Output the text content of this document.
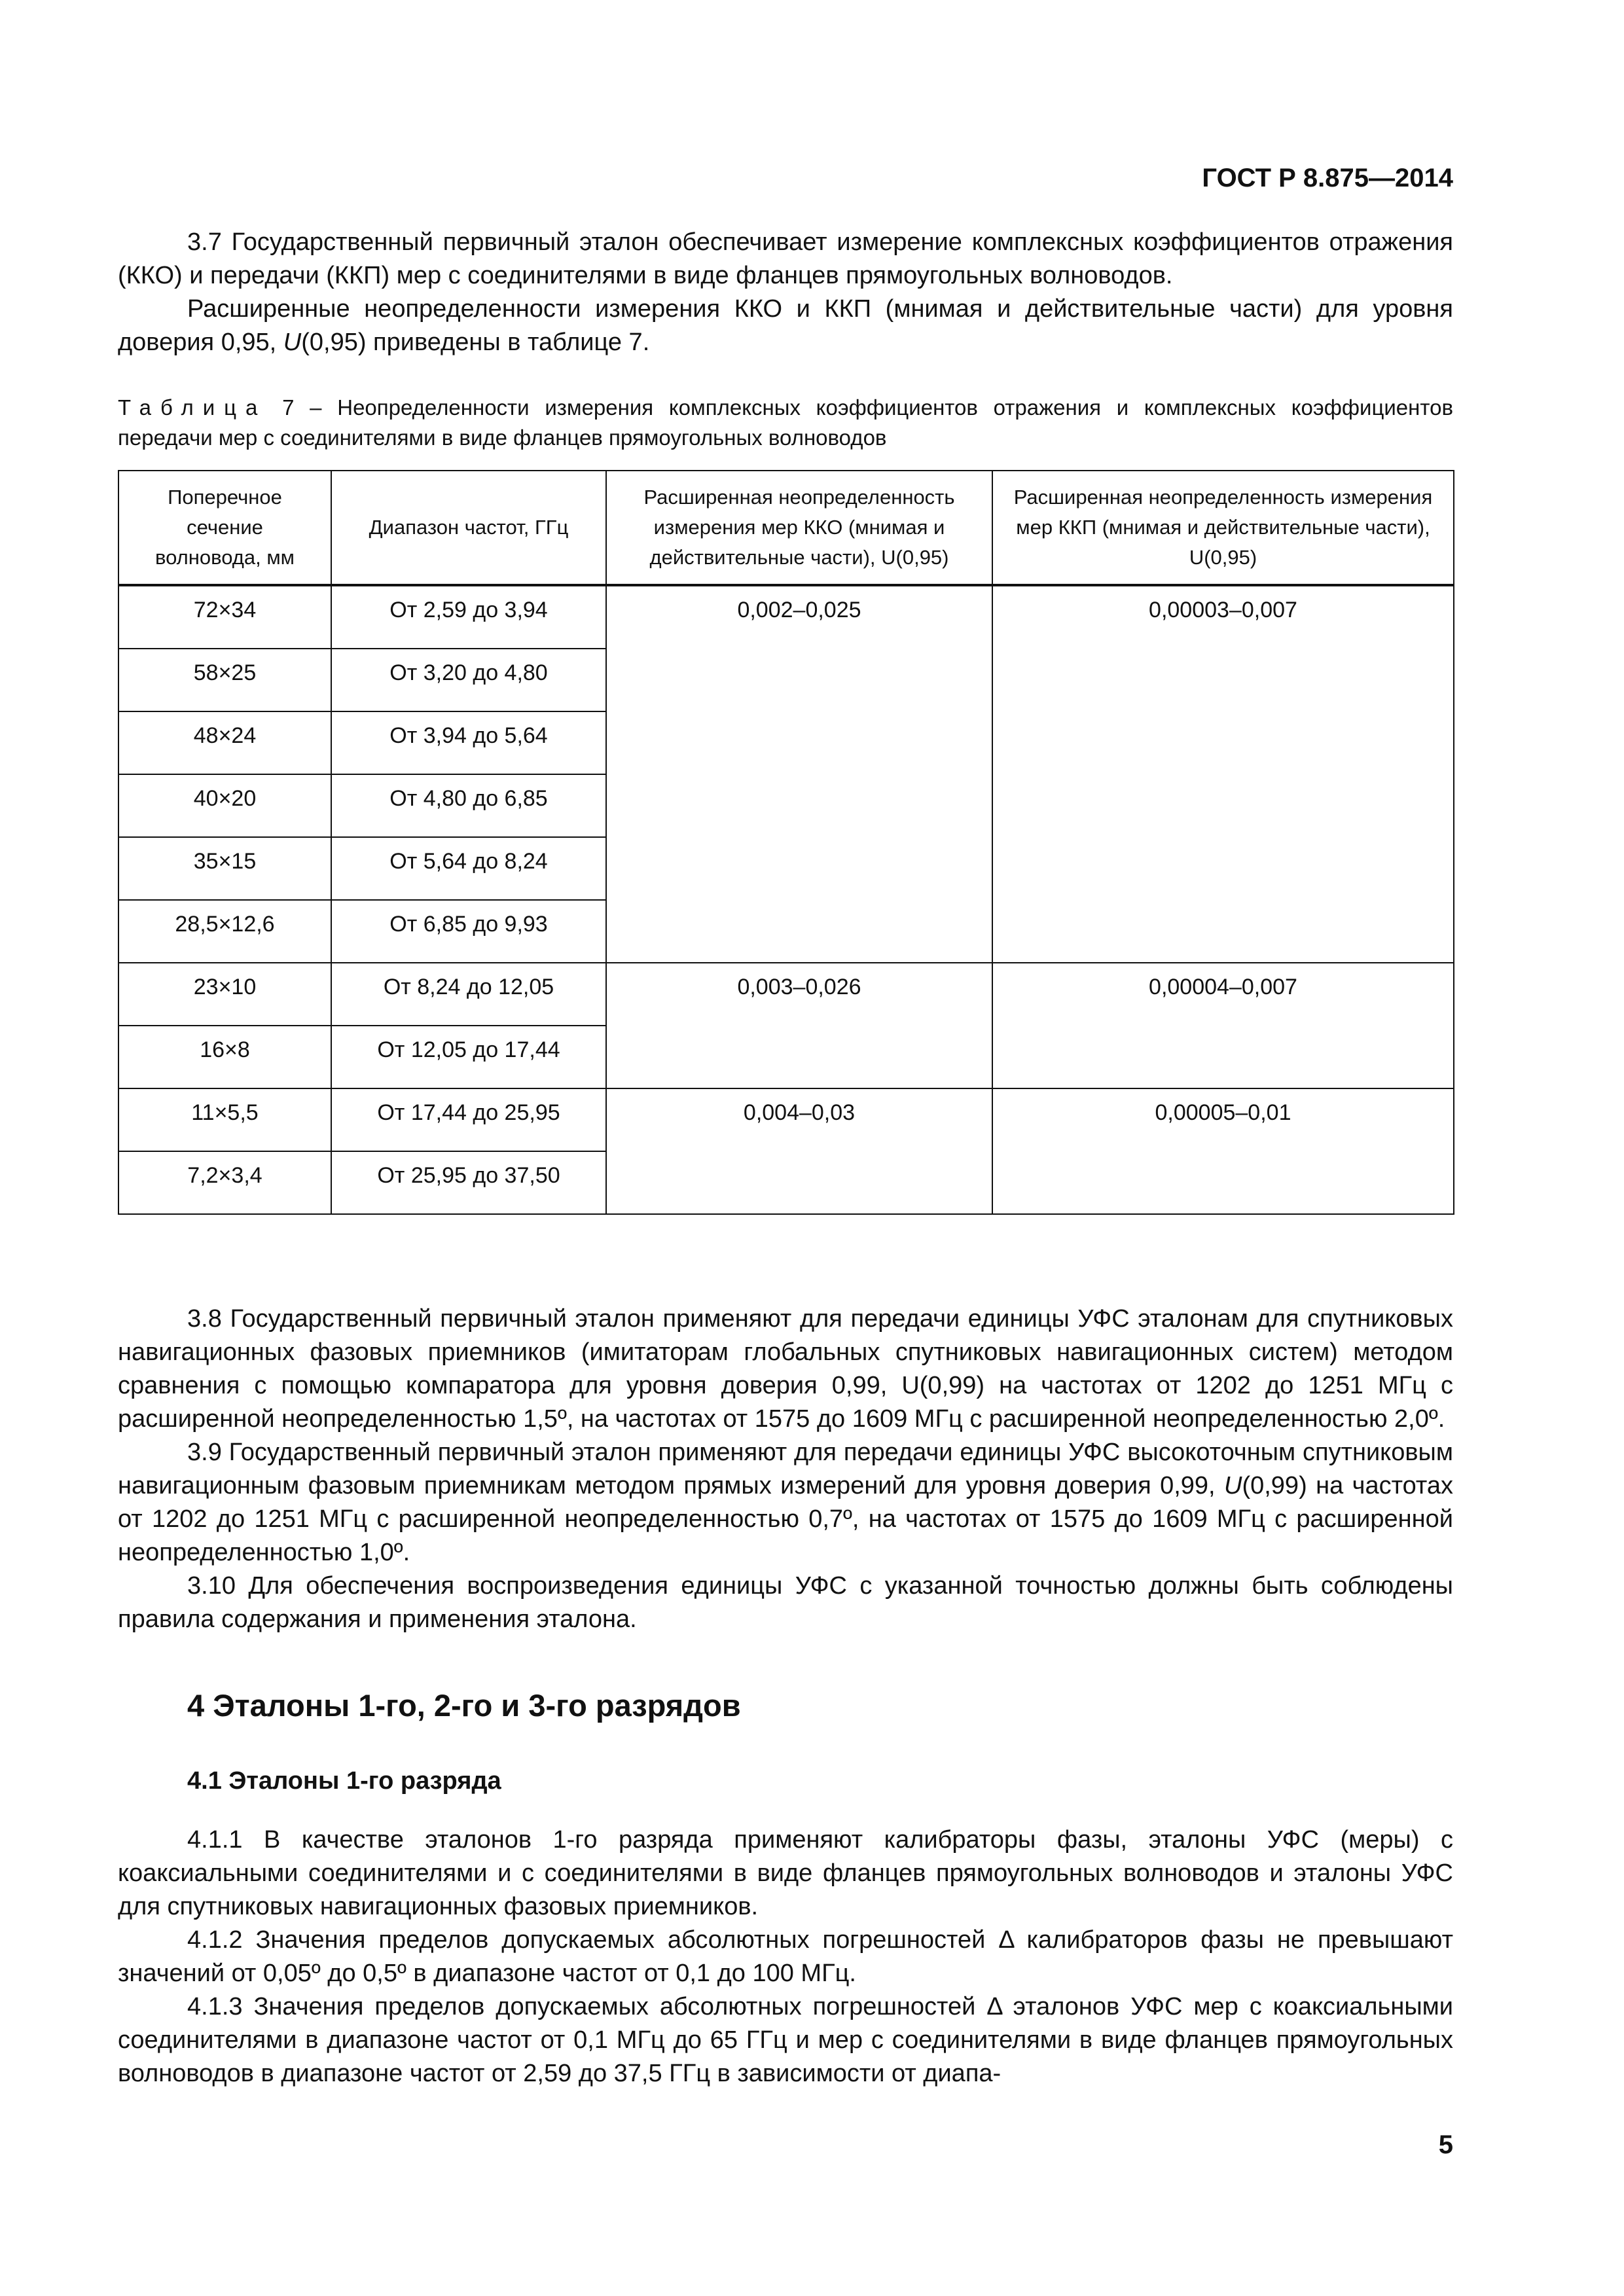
ГОСТ Р 8.875—2014

3.7 Государственный первичный эталон обеспечивает измерение комплексных коэффициентов отражения (ККО) и передачи (ККП) мер с соединителями в виде фланцев прямоугольных волноводов.

Расширенные неопределенности измерения ККО и ККП (мнимая и действительные части) для уровня доверия 0,95, U(0,95) приведены в таблице 7.

Таблица 7 – Неопределенности измерения комплексных коэффициентов отражения и комплексных коэффициентов передачи мер с соединителями в виде фланцев прямоугольных волноводов
Поперечное сечение волновода, мм	Диапазон частот, ГГц	Расширенная неопределенность измерения мер ККО (мнимая и действительные части), U(0,95)	Расширенная неопределенность измерения мер ККП (мнимая и действительные части), U(0,95)
72×34	От 2,59 до 3,94	0,002–0,025	0,00003–0,007
58×25	От 3,20 до 4,80		
48×24	От 3,94 до 5,64		
40×20	От 4,80 до 6,85		
35×15	От 5,64 до 8,24		
28,5×12,6	От 6,85 до 9,93		
23×10	От 8,24 до 12,05	0,003–0,026	0,00004–0,007
16×8	От 12,05 до 17,44		
11×5,5	От 17,44 до 25,95	0,004–0,03	0,00005–0,01
7,2×3,4	От 25,95 до 37,50		

3.8 Государственный первичный эталон применяют для передачи единицы УФС эталонам для спутниковых навигационных фазовых приемников (имитаторам глобальных спутниковых навигационных систем) методом сравнения с помощью компаратора для уровня доверия 0,99, U(0,99) на частотах от 1202 до 1251 МГц с расширенной неопределенностью 1,5º, на частотах от 1575 до 1609 МГц с расширенной неопределенностью 2,0º.

3.9 Государственный первичный эталон применяют для передачи единицы УФС высокоточным спутниковым навигационным фазовым приемникам методом прямых измерений для уровня доверия 0,99, U(0,99) на частотах от 1202 до 1251 МГц с расширенной неопределенностью 0,7º, на частотах от 1575 до 1609 МГц с расширенной неопределенностью 1,0º.

3.10 Для обеспечения воспроизведения единицы УФС с указанной точностью должны быть соблюдены правила содержания и применения эталона.

4 Эталоны 1-го, 2-го и 3-го разрядов
4.1 Эталоны 1-го разряда

4.1.1 В качестве эталонов 1-го разряда применяют калибраторы фазы, эталоны УФС (меры) с коаксиальными соединителями и с соединителями в виде фланцев прямоугольных волноводов и эталоны УФС для спутниковых навигационных фазовых приемников.

4.1.2 Значения пределов допускаемых абсолютных погрешностей Δ калибраторов фазы не превышают значений от 0,05º до 0,5º в диапазоне частот от 0,1 до 100 МГц.

4.1.3 Значения пределов допускаемых абсолютных погрешностей Δ эталонов УФС мер с коаксиальными соединителями в диапазоне частот от 0,1 МГц до 65 ГГц и мер с соединителями в виде фланцев прямоугольных волноводов в диапазоне частот от 2,59 до 37,5 ГГц в зависимости от диапа-

5
